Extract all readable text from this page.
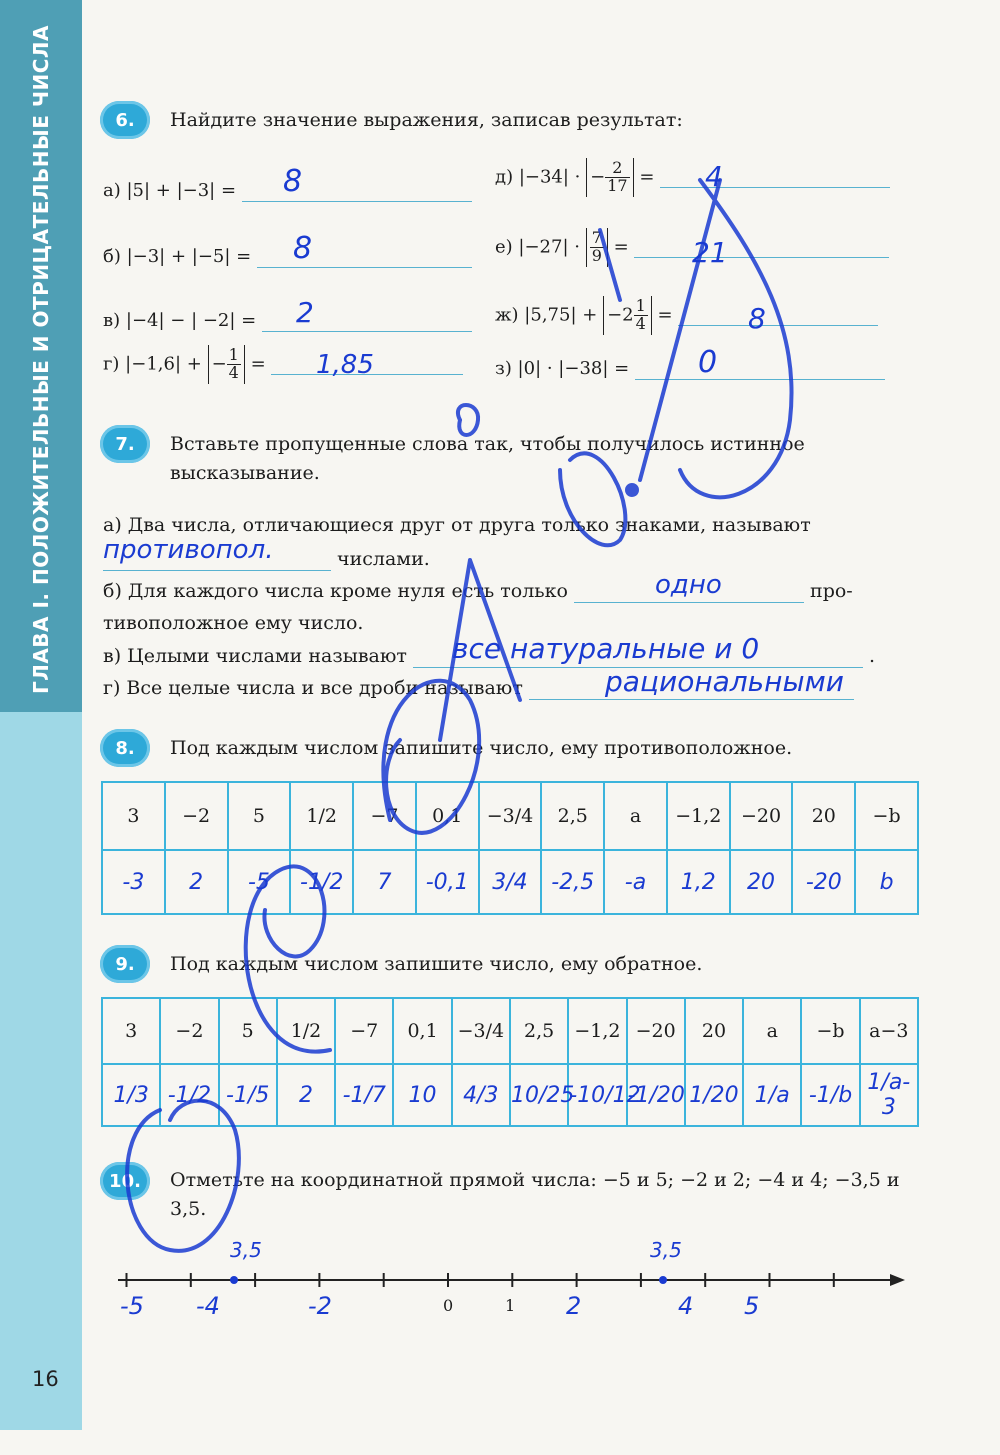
ГЛАВА I. ПОЛОЖИТЕЛЬНЫЕ И ОТРИЦАТЕЛЬНЫЕ ЧИСЛА
16
6.	Найдите значение выражения, записав результат:
а) |5| + |−3| =	8
б) |−3| + |−5| =	8
в) |−4| − | −2| =	2
г) |−1,6| + − $\frac{1}{4}$ =	1,85
д) |−34| · − $\frac{2}{17}$ =	4
е) $|-27| \cdot \frac{7}{9}$ =	21
ж) $|5,75| + -2 \frac{1}{4}$ =	8
з) |0| · |−38| =	0
7.	Вставьте пропущенные слова так, чтобы получилось истинное высказывание.
а) Два числа, отличающиеся друг от друга только знаками, называют
числами.
противопол.
б) Для каждого числа кроме нуля есть только	про-
одно
тивоположное ему число.
в) Целыми числами называют	.
все натуральные и 0
г) Все целые числа и все дроби называют	рациональными
8.	Под каждым числом запишите число, ему противоположное.
3	−2	5	1/2	−7	0,1	−3/4	2,5	a	−1,2	−20	20	−b
-3	2	-5	-1/2	7	-0,1	3/4	-2,5	-a	1,2	20	-20	b
9.	Под каждым числом запишите число, ему обратное.
3	−2	5	1/2	−7	0,1	−3/4	2,5	−1,2	−20	20	a	−b	a−3
1/3	-1/2	-1/5	2	-1/7	10	4/3	10/25	-10/12	-1/20	1/20	1/a	-1/b	1/a-3
10.	Отметьте на координатной прямой числа: −5 и 5; −2 и 2; −4 и 4; −3,5 и 3,5.
0	1
-5 -4	-2	2	4 5
3,5	3,5
